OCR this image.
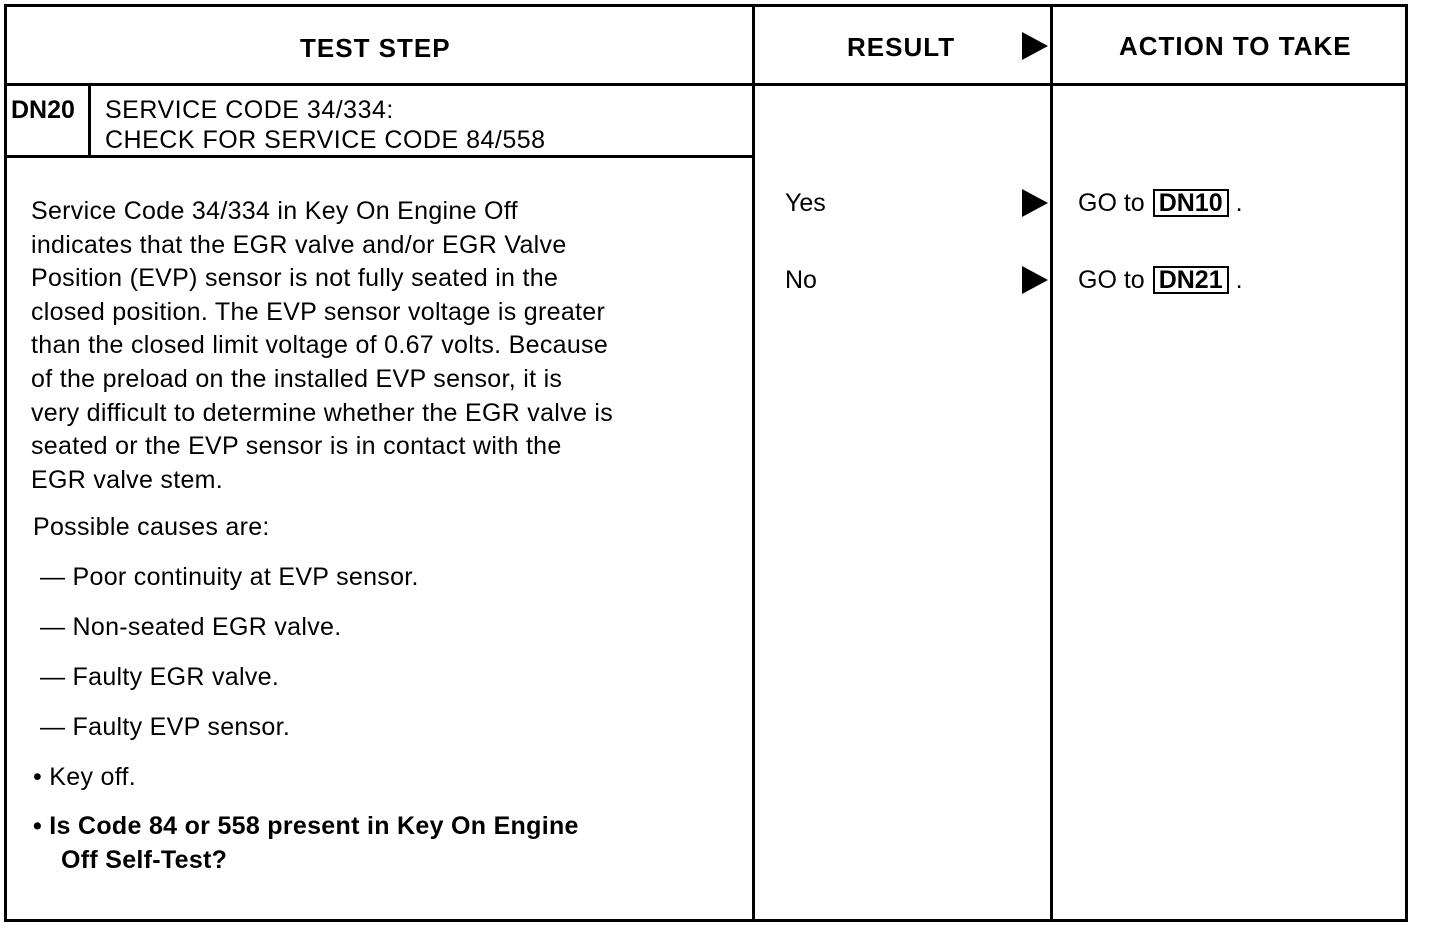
TEST STEP	RESULT	ACTION TO TAKE
DN20 SERVICE CODE 34/334:
CHECK FOR SERVICE CODE 84/558
Service Code 34/334 in Key On Engine Off
indicates that the EGR valve and/or EGR Valve
Position (EVP) sensor is not fully seated in the
closed position. The EVP sensor voltage is greater
than the closed limit voltage of 0.67 volts. Because
of the preload on the installed EVP sensor, it is
very difficult to determine whether the EGR valve is
seated or the EVP sensor is in contact with the
EGR valve stem.
Possible causes are:
— Poor continuity at EVP sensor.
— Non-seated EGR valve.
— Faulty EGR valve.
— Faulty EVP sensor.
• Key off.
• Is Code 84 or 558 present in Key On Engine
Off Self-Test?
Yes	GO to DN10 .
No	GO to DN21 .
